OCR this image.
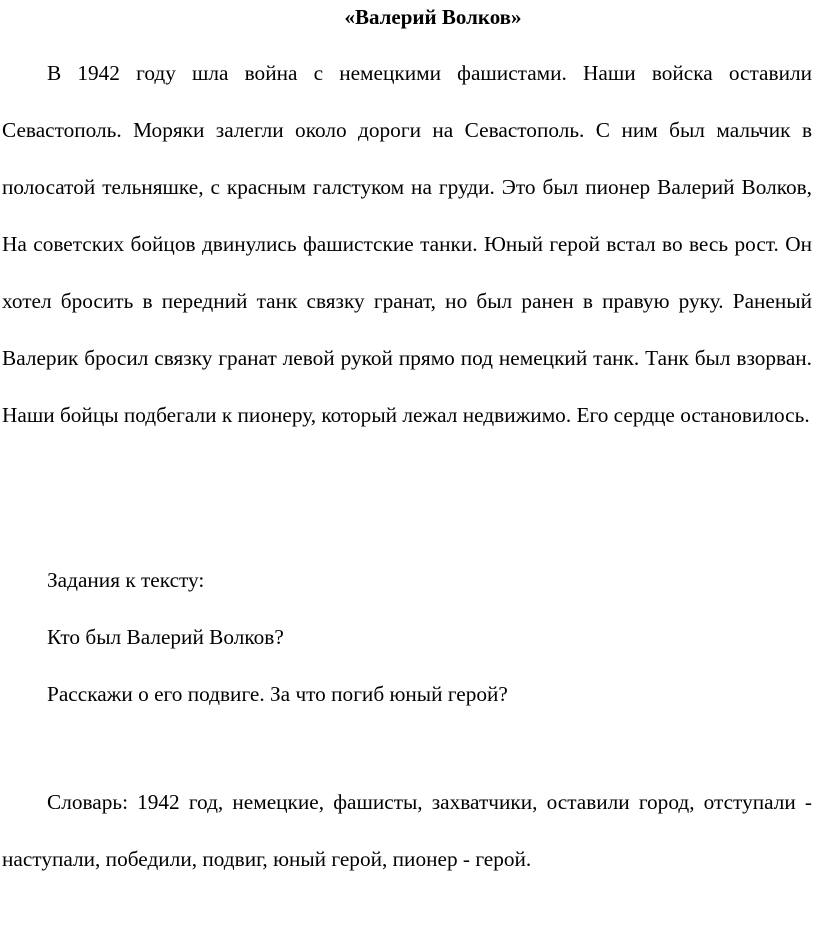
«Валерий Волков»

В 1942 году шла война с немецкими фашистами. Наши войска оставили Севастополь. Моряки залегли около дороги на Севастополь. С ним был мальчик в полосатой тельняшке, с красным галстуком на груди. Это был пионер Валерий Волков, На советских бойцов двинулись фашистские танки. Юный герой встал во весь рост. Он хотел бросить в передний танк связку гранат, но был ранен в правую руку. Раненый Валерик бросил связку гранат левой рукой прямо под немецкий танк. Танк был взорван. Наши бойцы подбегали к пионеру, который лежал недвижимо. Его сердце остановилось.

Задания к тексту:
Кто был Валерий Волков?
Расскажи о его подвиге. За что погиб юный герой?

Словарь: 1942 год, немецкие, фашисты, захватчики, оставили город, отступали - наступали, победили, подвиг, юный герой, пионер - герой.
